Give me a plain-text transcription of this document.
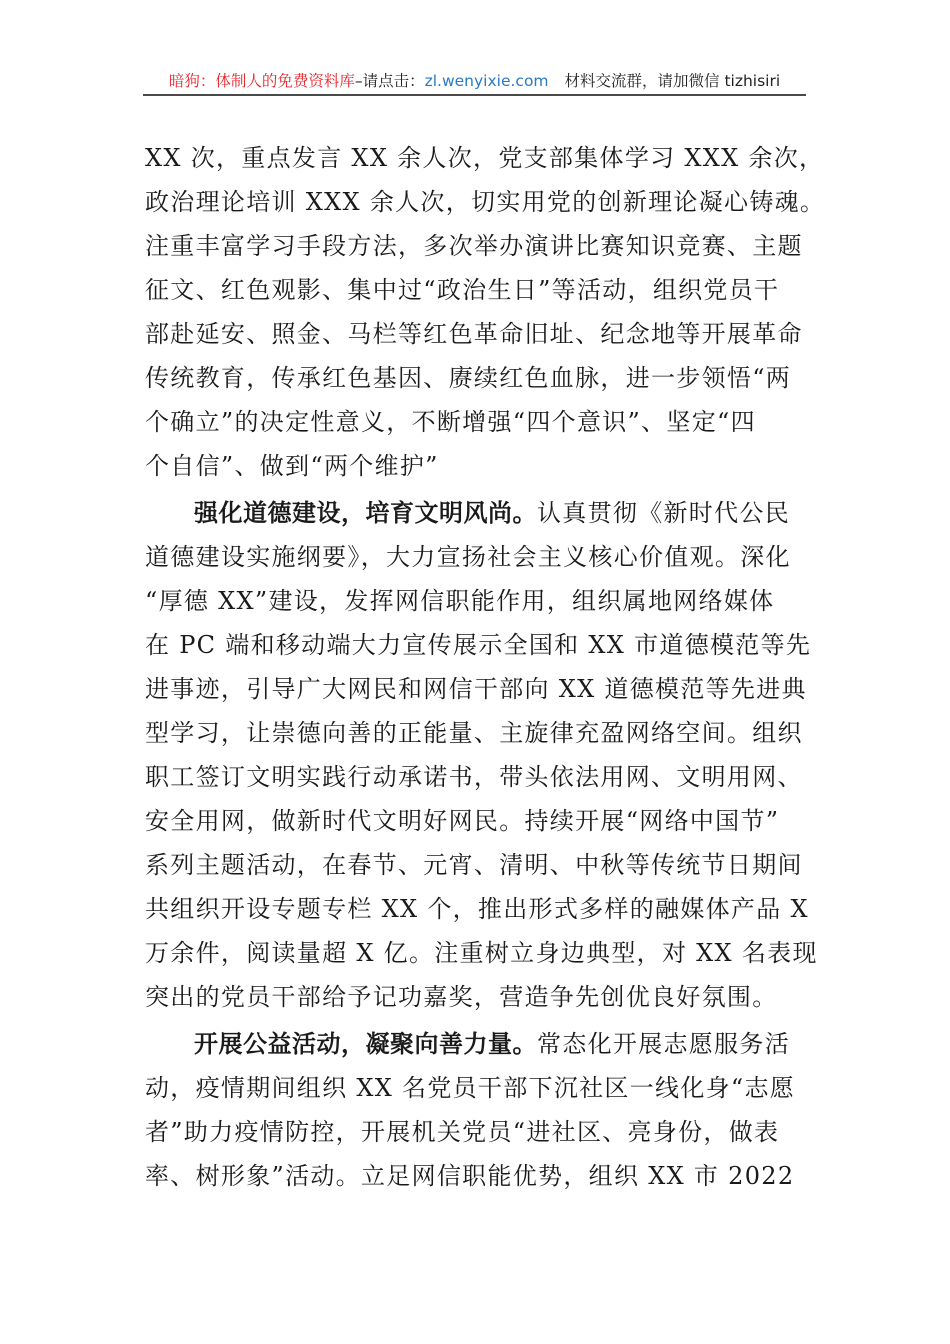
暗狗：体制人的免费资料库–请点击：zl.wenyixie.com 材料交流群，请加微信 tizhisiri
XX 次，重点发言 XX 余人次，党支部集体学习 XXX 余次，
政治理论培训 XXX 余人次，切实用党的创新理论凝心铸魂。
注重丰富学习手段方法，多次举办演讲比赛知识竞赛、主题
征文、红色观影、集中过“政治生日”等活动，组织党员干
部赴延安、照金、马栏等红色革命旧址、纪念地等开展革命
传统教育，传承红色基因、赓续红色血脉，进一步领悟“两
个确立”的决定性意义，不断增强“四个意识”、坚定“四
个自信”、做到“两个维护”
强化道德建设，培育文明风尚。认真贯彻《新时代公民
道德建设实施纲要》，大力宣扬社会主义核心价值观。深化
“厚德 XX”建设，发挥网信职能作用，组织属地网络媒体
在 PC 端和移动端大力宣传展示全国和 XX 市道德模范等先
进事迹，引导广大网民和网信干部向 XX 道德模范等先进典
型学习，让崇德向善的正能量、主旋律充盈网络空间。组织
职工签订文明实践行动承诺书，带头依法用网、文明用网、
安全用网，做新时代文明好网民。持续开展“网络中国节”
系列主题活动，在春节、元宵、清明、中秋等传统节日期间
共组织开设专题专栏 XX 个，推出形式多样的融媒体产品 X
万余件，阅读量超 X 亿。注重树立身边典型，对 XX 名表现
突出的党员干部给予记功嘉奖，营造争先创优良好氛围。
开展公益活动，凝聚向善力量。常态化开展志愿服务活
动，疫情期间组织 XX 名党员干部下沉社区一线化身“志愿
者”助力疫情防控，开展机关党员“进社区、亮身份，做表
率、树形象”活动。立足网信职能优势，组织 XX 市 2022
